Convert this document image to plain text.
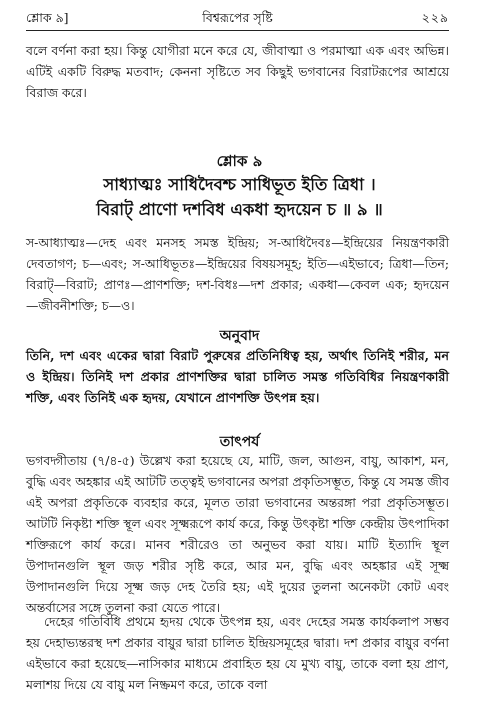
শ্লোক ৯]	বিশ্বরূপের সৃষ্টি	২২৯
বলে বর্ণনা করা হয়। কিন্তু যোগীরা মনে করে যে, জীবাত্মা ও পরমাত্মা এক এবং অভিন্ন। এটিই একটি বিরুদ্ধ মতবাদ; কেননা সৃষ্টিতে সব কিছুই ভগবানের বিরাটরূপের আশ্রয়ে বিরাজ করে।
শ্লোক ৯
সাধ্যাত্মঃ সাধিদৈবশ্চ সাধিভূত ইতি ত্রিধা ।
বিরাট্ প্রাণো দশবিধ একধা হৃদয়েন চ ॥ ৯ ॥
স-আধ্যাত্মঃ—দেহ এবং মনসহ সমস্ত ইন্দ্রিয়; স-আধিদৈবঃ—ইন্দ্রিয়ের নিয়ন্ত্রণকারী দেবতাগণ; চ—এবং; স-আধিভূতঃ—ইন্দ্রিয়ের বিষয়সমূহ; ইতি—এইভাবে; ত্রিধা—তিন; বিরাট্—বিরাট; প্রাণঃ—প্রাণশক্তি; দশ-বিধঃ—দশ প্রকার; একধা—কেবল এক; হৃদয়েন—জীবনীশক্তি; চ—ও।
অনুবাদ
তিনি, দশ এবং একের দ্বারা বিরাট পুরুষের প্রতিনিধিত্ব হয়, অর্থাৎ তিনিই শরীর, মন ও ইন্দ্রিয়। তিনিই দশ প্রকার প্রাণশক্তির দ্বারা চালিত সমস্ত গতিবিধির নিয়ন্ত্রণকারী শক্তি, এবং তিনিই এক হৃদয়, যেখানে প্রাণশক্তি উৎপন্ন হয়।
তাৎপর্য
ভগবদ্গীতায় (৭/৪-৫) উল্লেখ করা হয়েছে যে, মাটি, জল, আগুন, বায়ু, আকাশ, মন, বুদ্ধি এবং অহঙ্কার এই আটটি তত্ত্বই ভগবানের অপরা প্রকৃতিসম্ভূত, কিন্তু যে সমস্ত জীব এই অপরা প্রকৃতিকে ব্যবহার করে, মূলত তারা ভগবানের অন্তরঙ্গা পরা প্রকৃতিসম্ভূত। আটটি নিকৃষ্টা শক্তি স্থূল এবং সূক্ষ্মরূপে কার্য করে, কিন্তু উৎকৃষ্টা শক্তি কেন্দ্রীয় উৎপাদিকা শক্তিরূপে কার্য করে। মানব শরীরেও তা অনুভব করা যায়। মাটি ইত্যাদি স্থূল উপাদানগুলি স্থূল জড় শরীর সৃষ্টি করে, আর মন, বুদ্ধি এবং অহঙ্কার এই সূক্ষ্ম উপাদানগুলি দিয়ে সূক্ষ্ম জড় দেহ তৈরি হয়; এই দুয়ের তুলনা অনেকটা কোট এবং অন্তর্বাসের সঙ্গে তুলনা করা যেতে পারে।
দেহের গতিবিধি প্রথমে হৃদয় থেকে উৎপন্ন হয়, এবং দেহের সমস্ত কার্যকলাপ সম্ভব হয় দেহাভ্যন্তরস্থ দশ প্রকার বায়ুর দ্বারা চালিত ইন্দ্রিয়সমূহের দ্বারা। দশ প্রকার বায়ুর বর্ণনা এইভাবে করা হয়েছে—নাসিকার মাধ্যমে প্রবাহিত হয় যে মুখ্য বায়ু, তাকে বলা হয় প্রাণ, মলাশয় দিয়ে যে বায়ু মল নিষ্ক্রমণ করে, তাকে বলা
